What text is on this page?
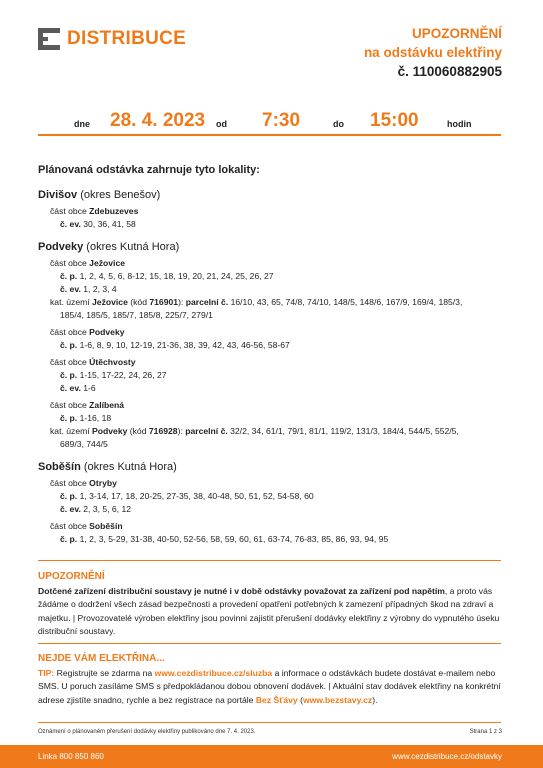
DISTRIBUCE	UPOZORNĚNÍ
na odstávku elektřiny
č. 110060882905
dne 28. 4. 2023 od 7:30	do 15:00	hodin
Plánovaná odstávka zahrnuje tyto lokality:
Divišov (okres Benešov)
část obce Zdebuzeves
č. ev. 30, 36, 41, 58
Podveky (okres Kutná Hora)
část obce Ježovice
č. p. 1, 2, 4, 5, 6, 8-12, 15, 18, 19, 20, 21, 24, 25, 26, 27
č. ev. 1, 2, 3, 4
kat. území Ježovice (kód 716901): parcelní č. 16/10, 43, 65, 74/8, 74/10, 148/5, 148/6, 167/9, 169/4, 185/3,
185/4, 185/5, 185/7, 185/8, 225/7, 279/1
část obce Podveky
č. p. 1-6, 8, 9, 10, 12-19, 21-36, 38, 39, 42, 43, 46-56, 58-67
část obce Útěchvosty
č. p. 1-15, 17-22, 24, 26, 27
č. ev. 1-6
část obce Zalíbená
č. p. 1-16, 18
kat. území Podveky (kód 716928): parcelní č. 32/2, 34, 61/1, 79/1, 81/1, 119/2, 131/3, 184/4, 544/5, 552/5,
689/3, 744/5
Soběšín (okres Kutná Hora)
část obce Otryby
č. p. 1, 3-14, 17, 18, 20-25, 27-35, 38, 40-48, 50, 51, 52, 54-58, 60
č. ev. 2, 3, 5, 6, 12
část obce Soběšín
č. p. 1, 2, 3, 5-29, 31-38, 40-50, 52-56, 58, 59, 60, 61, 63-74, 76-83, 85, 86, 93, 94, 95
UPOZORNĚNÍ
Dotčené zařízení distribuční soustavy je nutné i v době odstávky považovat za zařízení pod napětím, a proto vás žádáme o dodržení všech zásad bezpečnosti a provedení opatření potřebných k zamezení případných škod na zdraví a majetku. | Provozovatelé výroben elektřiny jsou povinni zajistit přerušení dodávky elektřiny z výrobny do vypnutého úseku distribuční soustavy.
NEJDE VÁM ELEKTŘINA...
TIP: Registrujte se zdarma na www.cezdistribuce.cz/sluzba a informace o odstávkách budete dostávat e-mailem nebo SMS. U poruch zasíláme SMS s předpokládanou dobou obnovení dodávek. | Aktuální stav dodávek elektřiny na konkrétní adrese zjistíte snadno, rychle a bez registrace na portále Bez Šťávy (www.bezstavy.cz).
Oznámení o plánovaném přerušení dodávky elektřiny publikováno dne 7. 4. 2023.	Strana 1 z 3
Linka 800 850 860	www.cezdistribuce.cz/odstavky
